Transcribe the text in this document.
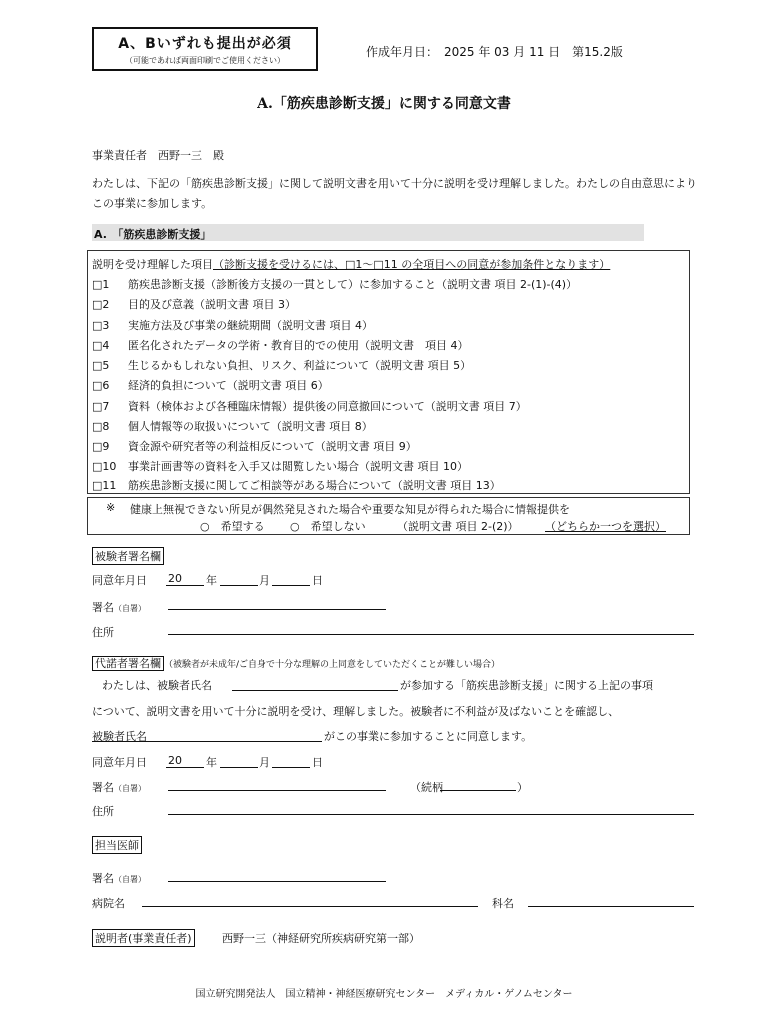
A、Bいずれも提出が必須
（可能であれば両面印刷でご使用ください）
作成年月日：　2025 年 03 月 11 日　第15.2版
A.「筋疾患診断支援」に関する同意文書
事業責任者　西野一三　殿
わたしは、下記の「筋疾患診断支援」に関して説明文書を用いて十分に説明を受け理解しました。わたしの自由意思によりこの事業に参加します。
A.　「筋疾患診断支援」
説明を受け理解した項目（診断支援を受けるには、□1～□11 の全項目への同意が参加条件となります）
□1 筋疾患診断支援（診断後方支援の一貫として）に参加すること（説明文書 項目 2-(1)-(4)）
□2 目的及び意義（説明文書 項目 3）
□3 実施方法及び事業の継続期間（説明文書 項目 4）
□4 匿名化されたデータの学術・教育目的での使用（説明文書　項目 4）
□5 生じるかもしれない負担、リスク、利益について（説明文書 項目 5）
□6 経済的負担について（説明文書 項目 6）
□7 資料（検体および各種臨床情報）提供後の同意撤回について（説明文書 項目 7）
□8 個人情報等の取扱いについて（説明文書 項目 8）
□9 資金源や研究者等の利益相反について（説明文書 項目 9）
□10 事業計画書等の資料を入手又は閲覧したい場合（説明文書 項目 10）
□11 筋疾患診断支援に関してご相談等がある場合について（説明文書 項目 13）
※ 健康上無視できない所見が偶然発見された場合や重要な知見が得られた場合に情報提供を
○　希望する ○　希望しない	（説明文書 項目 2-(2)） （どちらか一つを選択）
被験者署名欄
同意年月日 20 年	月	日
署名（自署）
住所
代諾者署名欄 （被験者が未成年/ご自身で十分な理解の上同意をしていただくことが難しい場合）
わたしは、被験者氏名	が参加する「筋疾患診断支援」に関する上記の事項
について、説明文書を用いて十分に説明を受け、理解しました。被験者に不利益が及ばないことを確認し、
被験者氏名	がこの事業に参加することに同意します。
同意年月日 20 年	月	日
署名（自署）	（続柄	）
住所
担当医師
署名（自署）
病院名	科名
説明者(事業責任者)	西野一三（神経研究所疾病研究第一部）
国立研究開発法人　国立精神・神経医療研究センター　メディカル・ゲノムセンター
